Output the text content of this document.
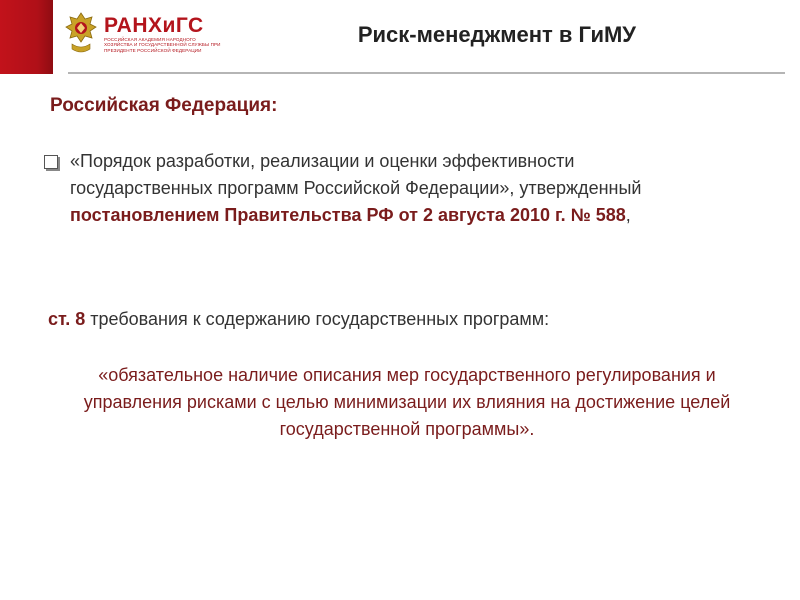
РАНХиГС
РОССИЙСКАЯ АКАДЕМИЯ НАРОДНОГО ХОЗЯЙСТВА И ГОСУДАРСТВЕННОЙ СЛУЖБЫ ПРИ ПРЕЗИДЕНТЕ РОССИЙСКОЙ ФЕДЕРАЦИИ
Риск-менеджмент в ГиМУ
Российская Федерация:
«Порядок разработки, реализации и оценки эффективности государственных программ Российской Федерации», утвержденный постановлением Правительства РФ от 2 августа 2010 г. № 588,
ст. 8 требования к содержанию государственных программ:
«обязательное наличие описания мер государственного регулирования и управления рисками с целью минимизации их влияния на достижение целей государственной программы».
